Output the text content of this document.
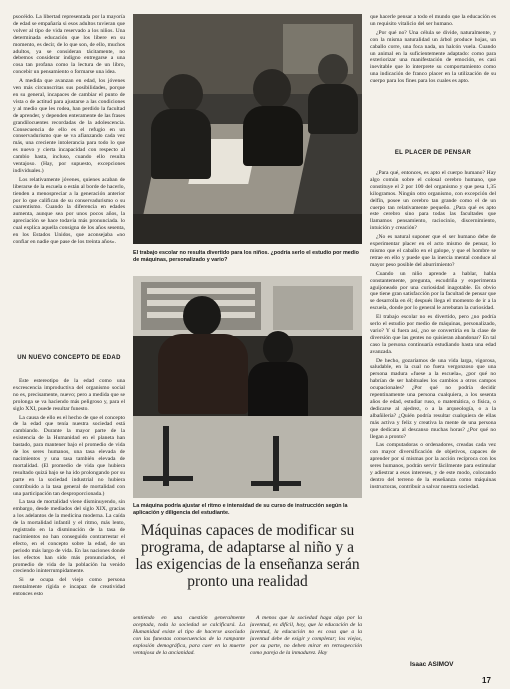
psocéido. La libertad representada por la mayoría de edad se empañaría si esos adultos tuvieran que volver al tipo de vida reservado a los niños. Una determinada educación que los libere en su momento, es decir, de lo que son, de ello, muchos adultos, ya se consideran tácitamente, no debemos considerar indigno entregarse a una cosa tan profana como la lectura de un libro, concebir un pensamiento o formarse una idea.

A medida que avanzan en edad, los jóvenes ven más circunscritas sus posibilidades, porque en su general, incapaces de cambiar el punto de vista o de actitud para ajustarse a las condiciones y al medio que les rodea, han perdido la facultad de aprender, y dependen enteramente de las frases grandilocuentes recordadas de la adolescencia. Consecuencia de ello es el refugio en un conservadurismo que se va afianzando cada vez más, una creciente intolerancia para todo lo que es nuevo y cierta incapacidad con respecto al cambio hasta, incluso, cuando ello resulta ventajoso. (Hay, por supuesto, excepciones individuales.)

Los relativamente jóvenes, quienes acaban de liberarse de la escuela o están al borde de hacerlo, tienden a menospreciar a la generación anterior por lo que califican de su conservadurismo o su cuarentismo. Cuando la diferencia en edades aumenta, aunque sea por unos pocos años, la apreciación se hace todavía más pronunciada. lo cual explica aquella consigna de los años sesenta, en los Estados Unidos, que aconsejaba «no confiar en nadie que pase de los treinta años».

UN NUEVO CONCEPTO DE EDAD

Este estereotipo de la edad como una excrescencia improductiva del organismo social no es, precisamente, nuevo; pero a medida que se prolonga se va haciendo más peligroso y, para el siglo XXI, puede resultar funesto.

La causa de ello es el hecho de que el concepto de la edad que tenía nuestra sociedad está cambiando. Durante la mayor parte de la existencia de la Humanidad en el planeta han bastado, para mantener bajo el promedio de vida de los seres humanos, una tasa elevada de nacimientos y una tasa también elevada de mortalidad. (El promedio de vida que hubiera resultado quizá bajo se ha ido prolongando por su parte en la sociedad industrial no hubiera contribuido a la tasa general de mortalidad con una participación tan desproporcionada.)

La tasa de mortalidad viene disminuyendo, sin embargo, desde mediados del siglo XIX, gracias a los adelantos de la medicina moderna. La caída de la mortalidad infantil y el ritmo, más lento, registrado en la disminución de la tasa de nacimientos no han conseguido contrarrestar el efecto, en el concepto sobre la edad, de un periodo más largo de vida. En las naciones donde los efectos han sido más pronunciados, el promedio de vida de la población ha venido creciendo ininterrumpidamente.

Si se ocupa del viejo como persona mentalmente rígida e incapaz de creatividad entonces esto

El trabajo escolar no resulta divertido para los niños. ¿podría serlo el estudio por medio de máquinas, personalizado y vario?
La máquina podría ajustar el ritmo e intensidad de su curso de instrucción según la aplicación y diligencia del estudiante.
Máquinas capaces de modificar su programa, de adaptarse al niño y a las exigencias de la enseñanza serán pronto una realidad

sentiendo en una cuestión generalmente aceptada, toda la sociedad se calcificará. La Humanidad existe al tipo de hacerse asociado con las funestas consecuencias de la rampante explosión demográfica, para caer en la muerte ventajosa de la ancianidad.

A menos que la sociedad haga algo por la juventud, es difícil, hoy, que la educación de la juventud, la educación no es cosa que a la juventud debe de exigir y completar; los viejos, por su parte, no deben mirar en retrospección como pareja de la inmadurez. Hay

que hacerle pensar a todo el mundo que la educación es un requisito vitalicio del ser humano.

¿Por qué no? Una célula se divide, naturalmente, y con la misma naturalidad un árbol produce hojas, un caballo corre, una foca nada, un halcón vuela. Cuando un animal en la suficientemente adaptado: como para exteriorizar una manifestación de emoción, es casi inevitable que lo interprete su comportamiento como una indicación de franco placer en la utilización de su cuerpo para los fines para los cuales es apto.

EL PLACER DE PENSAR

¿Para qué, entonces, es apto el cuerpo humano? Hay algo común sobre el colosal cerebro humano, que constituye el 2 por 100 del organismo y que pesa 1,35 kilogramos. Ningún otro organismo, con excepción del delfín, posee un cerebro tan grande como el de un cuerpo tan relativamente pequeño. ¿Para qué es apto este cerebro sino para todas las facultades que llamamos pensamiento, raciocinio, discernimiento, intuición y creación?

¿No es natural suponer que el ser humano debe de experimentar placer en el acto mismo de pensar, lo mismo que el caballo en el galope, y que el hombre se retrae en ello y puede que la inercia mental conduce al mayor peso posible del aburrimiento?

Cuando un niño aprende a hablar, habla constantemente, pregunta, escudriña y experimenta aguijoneado por una curiosidad inagotable. Es obvio que tiene gran satisfacción por la facultad de pensar que se desarrolla en él; después llega el momento de ir a la escuela, donde por lo general le arrebatan la curiosidad.

El trabajo escolar no es divertido, pero ¿no podría serlo el estudio por medio de máquinas, personalizado, vario? Y si fuera así, ¿no se convertiría en la clase de diversión que las gentes no quisieran abandonar? En tal caso la persona continuaría estudiando hasta una edad avanzada.

De hecho, gozaríamos de una vida larga, vigorosa, saludable, en la cual no fuera vergonzoso que una persona madura «fuese a la escuela», ¿por qué no habrían de ser habituales los cambios a otros campos ocupacionales? ¿Por qué no podría decidir repentinamente una persona cualquiera, a los sesenta años de edad, estudiar ruso, o matemática, o física, o dedicarse al ajedrez, o a la arqueología, o a la albañilería? ¿Quién podría resultar cualquiera de ellas más activa y feliz y creativa la mente de una persona que dedicara al descanso muchas horas? ¿Por qué no llegan a pronto?

Las computadoras o ordenadores, creadas cada vez con mayor diversificación de objetivos, capaces de aprender por sí mismas por la acción recíproca con los seres humanos, podrán servir fácilmente para estimular y adiestrar a esos intereses, y de este modo, colocando dentro del terreno de la enseñanza como máquinas instructoras, contribuir a salvar nuestra sociedad.

Isaac ASIMOV
17
